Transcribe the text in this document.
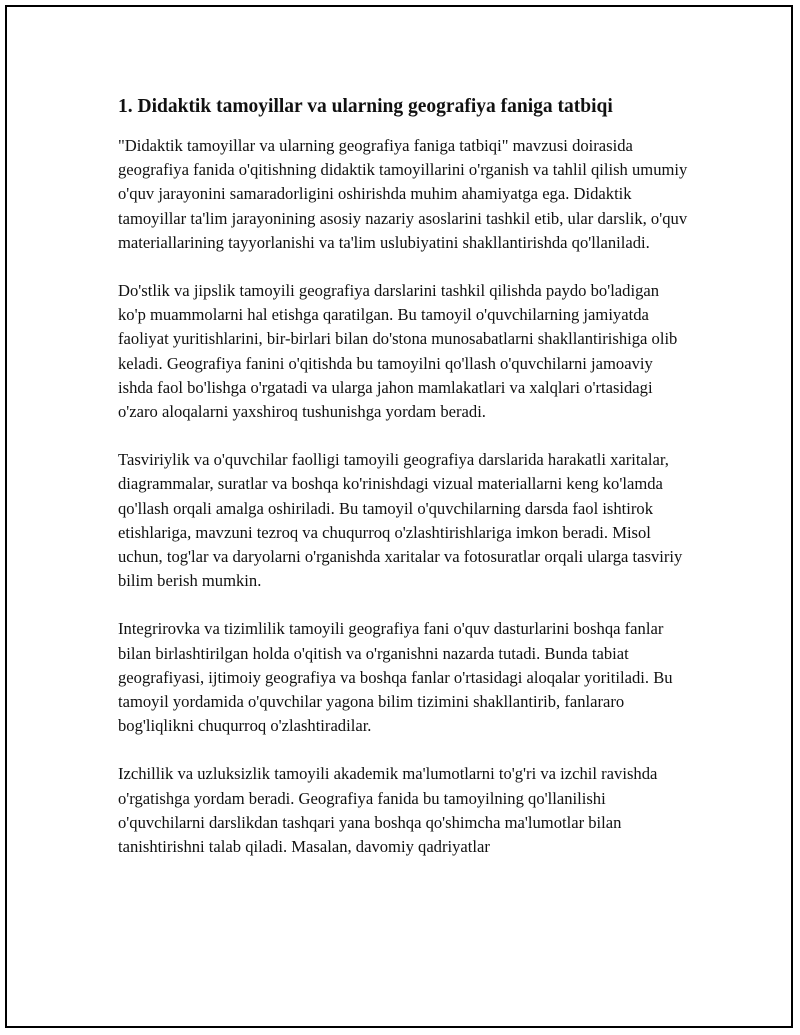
1. Didaktik tamoyillar va ularning geografiya faniga tatbiqi

"Didaktik tamoyillar va ularning geografiya faniga tatbiqi" mavzusi doirasida geografiya fanida o'qitishning didaktik tamoyillarini o'rganish va tahlil qilish umumiy o'quv jarayonini samaradorligini oshirishda muhim ahamiyatga ega. Didaktik tamoyillar ta'lim jarayonining asosiy nazariy asoslarini tashkil etib, ular darslik, o'quv materiallarining tayyorlanishi va ta'lim uslubiyatini shakllantirishda qo'llaniladi.

Do'stlik va jipslik tamoyili geografiya darslarini tashkil qilishda paydo bo'ladigan ko'p muammolarni hal etishga qaratilgan. Bu tamoyil o'quvchilarning jamiyatda faoliyat yuritishlarini, bir-birlari bilan do'stona munosabatlarni shakllantirishiga olib keladi. Geografiya fanini o'qitishda bu tamoyilni qo'llash o'quvchilarni jamoaviy ishda faol bo'lishga o'rgatadi va ularga jahon mamlakatlari va xalqlari o'rtasidagi o'zaro aloqalarni yaxshiroq tushunishga yordam beradi.

Tasviriylik va o'quvchilar faolligi tamoyili geografiya darslarida harakatli xaritalar, diagrammalar, suratlar va boshqa ko'rinishdagi vizual materiallarni keng ko'lamda qo'llash orqali amalga oshiriladi. Bu tamoyil o'quvchilarning darsda faol ishtirok etishlariga, mavzuni tezroq va chuqurroq o'zlashtirishlariga imkon beradi. Misol uchun, tog'lar va daryolarni o'rganishda xaritalar va fotosuratlar orqali ularga tasviriy bilim berish mumkin.

Integrirovka va tizimlilik tamoyili geografiya fani o'quv dasturlarini boshqa fanlar bilan birlashtirilgan holda o'qitish va o'rganishni nazarda tutadi. Bunda tabiat geografiyasi, ijtimoiy geografiya va boshqa fanlar o'rtasidagi aloqalar yoritiladi. Bu tamoyil yordamida o'quvchilar yagona bilim tizimini shakllantirib, fanlararo bog'liqlikni chuqurroq o'zlashtiradilar.

Izchillik va uzluksizlik tamoyili akademik ma'lumotlarni to'g'ri va izchil ravishda o'rgatishga yordam beradi. Geografiya fanida bu tamoyilning qo'llanilishi o'quvchilarni darslikdan tashqari yana boshqa qo'shimcha ma'lumotlar bilan tanishtirishni talab qiladi. Masalan, davomiy qadriyatlar
